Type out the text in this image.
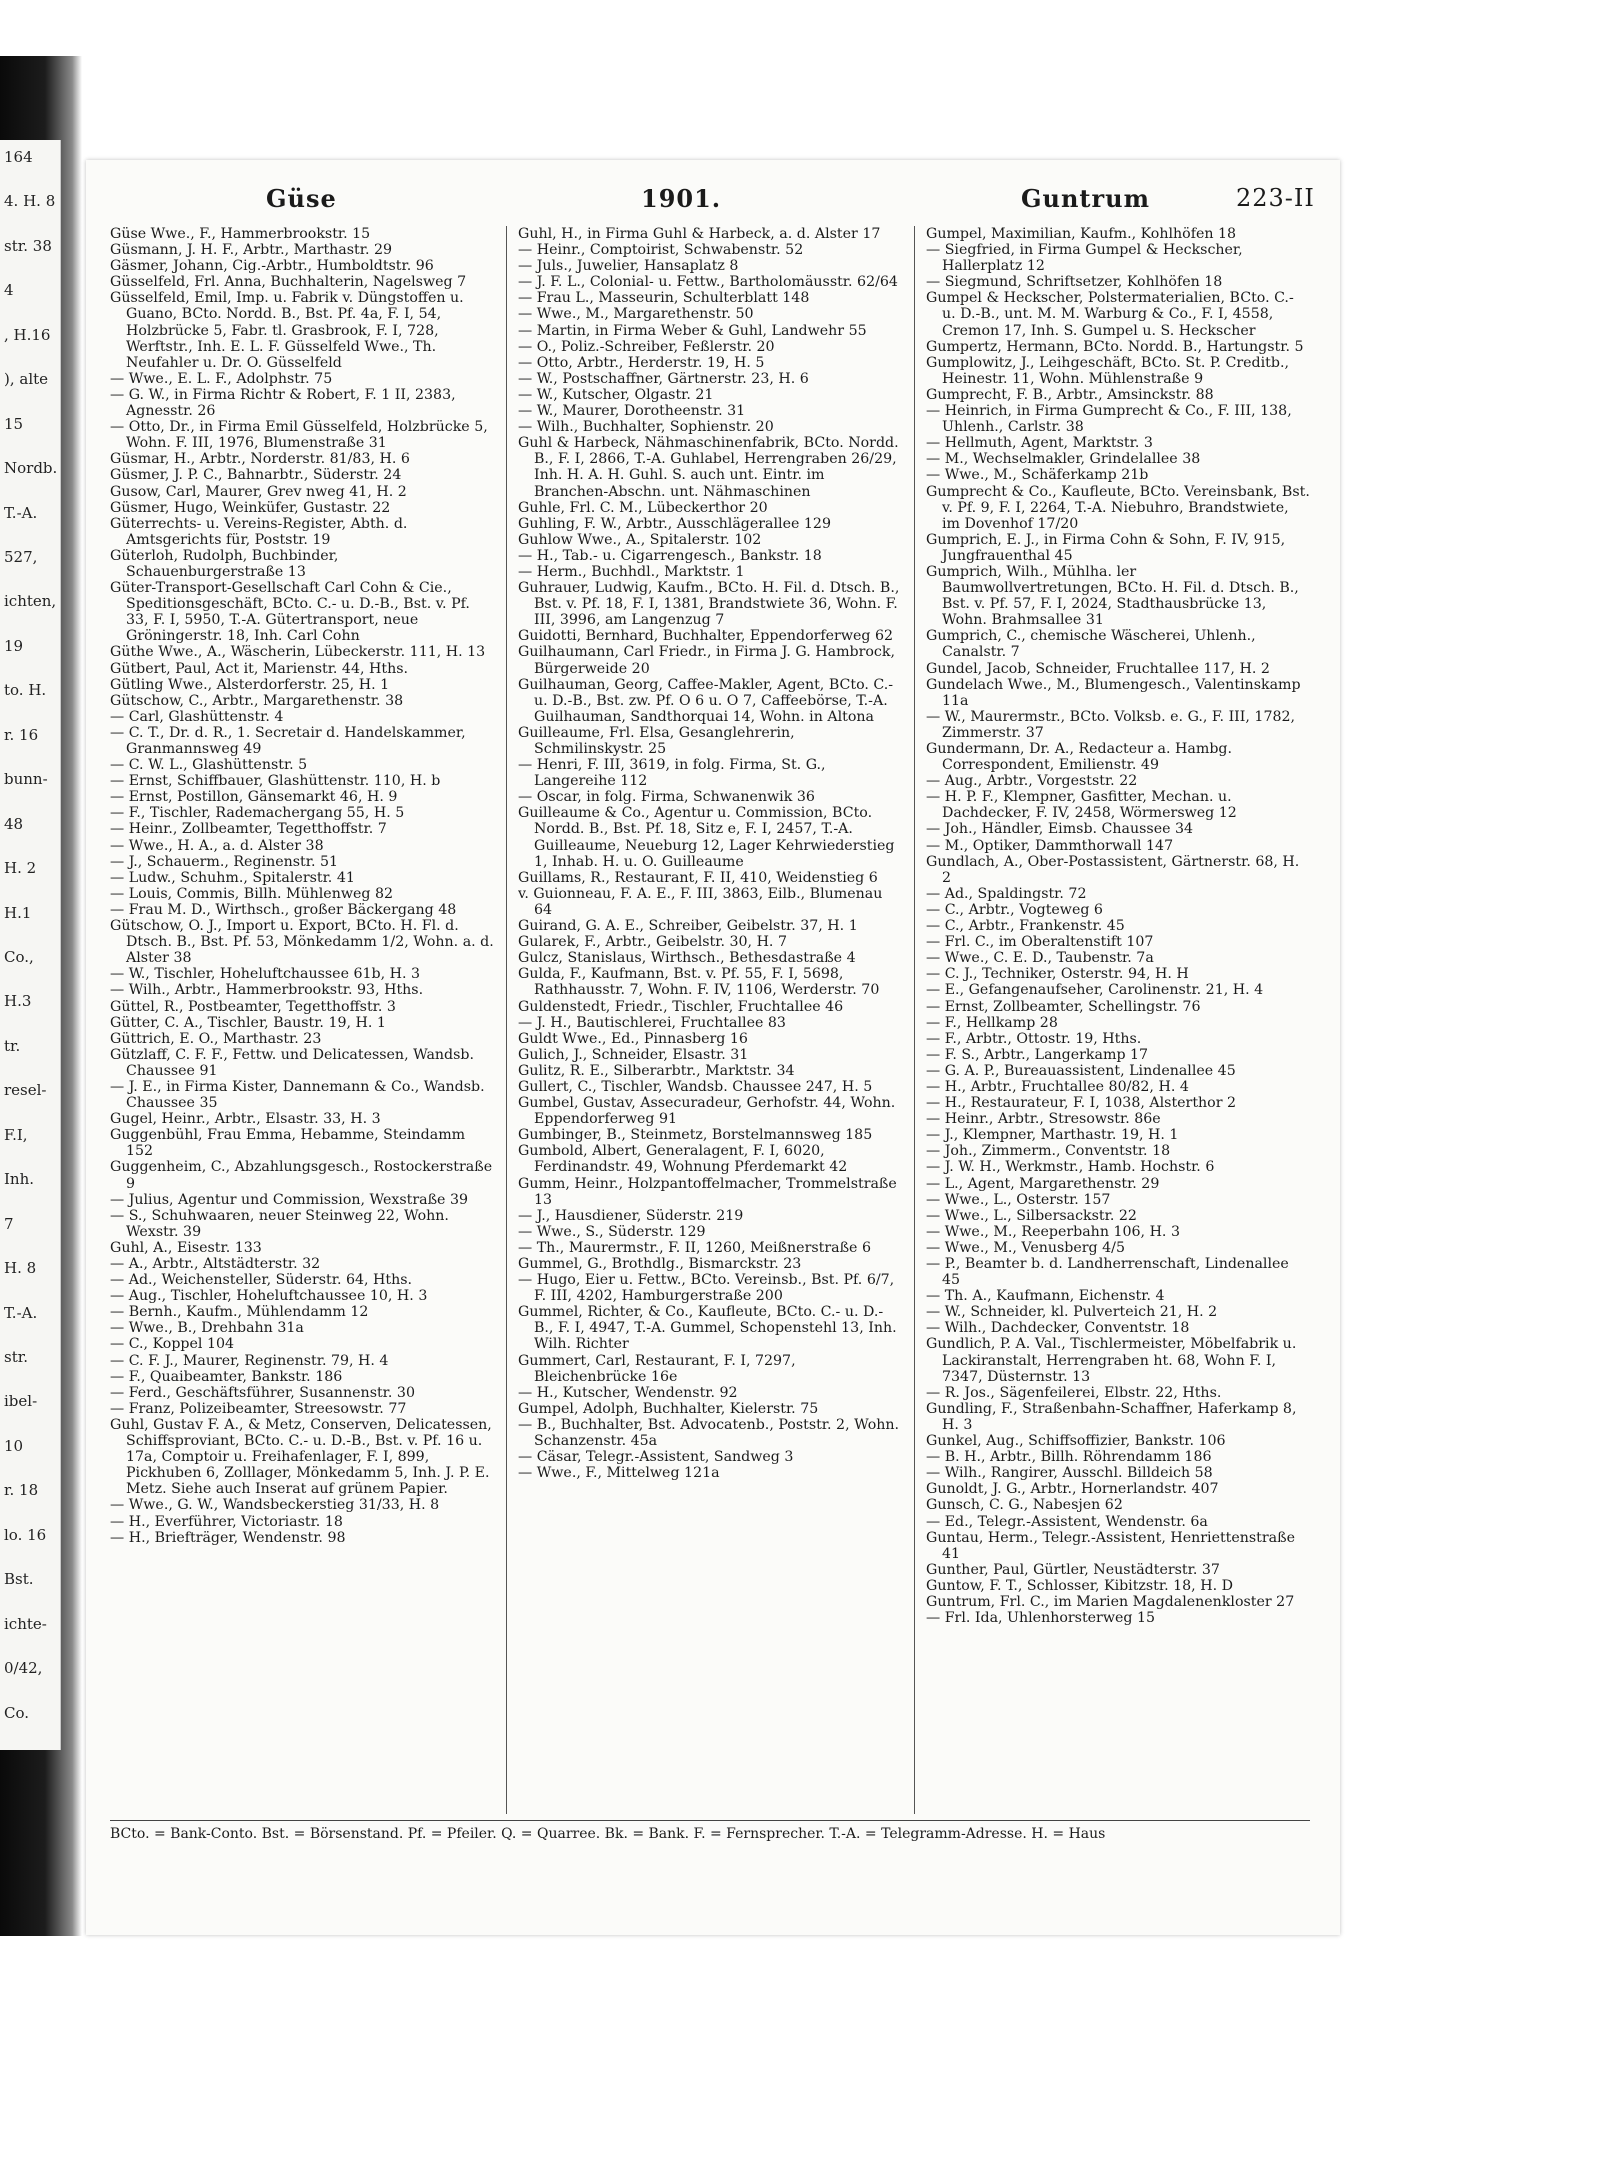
164
4. H. 8
str. 38
4
, H.16
), alte
15
Nordb.
T.-A.
527,
ichten,
19
to. H.
r. 16
bunn-
48
H. 2
H.1
Co.,
H.3
tr.
resel-
F.I,
Inh.
7
H. 8
T.-A.
str.
ibel-
10
r. 18
lo. 16
Bst.
ichte-
0/42,
Co.
Güse	1901.	Guntrum	223-II

Güse Wwe., F., Hammerbrookstr. 15

Güsmann, J. H. F., Arbtr., Marthastr. 29

Gäsmer, Johann, Cig.-Arbtr., Humboldtstr. 96

Güsselfeld, Frl. Anna, Buchhalterin, Nagelsweg 7

Güsselfeld, Emil, Imp. u. Fabrik v. Düngstoffen u. Guano, BCto. Nordd. B., Bst. Pf. 4a, F. I, 54, Holzbrücke 5, Fabr. tl. Grasbrook, F. I, 728, Werftstr., Inh. E. L. F. Güsselfeld Wwe., Th. Neufahler u. Dr. O. Güsselfeld

— Wwe., E. L. F., Adolphstr. 75

— G. W., in Firma Richtr & Robert, F. 1 II, 2383, Agnesstr. 26

— Otto, Dr., in Firma Emil Güsselfeld, Holzbrücke 5, Wohn. F. III, 1976, Blumenstraße 31

Güsmar, H., Arbtr., Norderstr. 81/83, H. 6

Güsmer, J. P. C., Bahnarbtr., Süderstr. 24

Gusow, Carl, Maurer, Grev nweg 41, H. 2

Güsmer, Hugo, Weinküfer, Gustastr. 22

Güterrechts- u. Vereins-Register, Abth. d. Amtsgerichts für, Poststr. 19

Güterloh, Rudolph, Buchbinder, Schauenburgerstraße 13

Güter-Transport-Gesellschaft Carl Cohn & Cie., Speditionsgeschäft, BCto. C.- u. D.-B., Bst. v. Pf. 33, F. I, 5950, T.-A. Gütertransport, neue Gröningerstr. 18, Inh. Carl Cohn

Güthe Wwe., A., Wäscherin, Lübeckerstr. 111, H. 13

Gütbert, Paul, Act it, Marienstr. 44, Hths.

Gütling Wwe., Alsterdorferstr. 25, H. 1

Gütschow, C., Arbtr., Margarethenstr. 38

— Carl, Glashüttenstr. 4

— C. T., Dr. d. R., 1. Secretair d. Handelskammer, Granmannsweg 49

— C. W. L., Glashüttenstr. 5

— Ernst, Schiffbauer, Glashüttenstr. 110, H. b

— Ernst, Postillon, Gänsemarkt 46, H. 9

— F., Tischler, Rademachergang 55, H. 5

— Heinr., Zollbeamter, Tegetthoffstr. 7

— Wwe., H. A., a. d. Alster 38

— J., Schauerm., Reginenstr. 51

— Ludw., Schuhm., Spitalerstr. 41

— Louis, Commis, Billh. Mühlenweg 82

— Frau M. D., Wirthsch., großer Bäckergang 48

Gütschow, O. J., Import u. Export, BCto. H. Fl. d. Dtsch. B., Bst. Pf. 53, Mönkedamm 1/2, Wohn. a. d. Alster 38

— W., Tischler, Hoheluftchaussee 61b, H. 3

— Wilh., Arbtr., Hammerbrookstr. 93, Hths.

Güttel, R., Postbeamter, Tegetthoffstr. 3

Gütter, C. A., Tischler, Baustr. 19, H. 1

Güttrich, E. O., Marthastr. 23

Gützlaff, C. F. F., Fettw. und Delicatessen, Wandsb. Chaussee 91

— J. E., in Firma Kister, Dannemann & Co., Wandsb. Chaussee 35

Gugel, Heinr., Arbtr., Elsastr. 33, H. 3

Guggenbühl, Frau Emma, Hebamme, Steindamm 152

Guggenheim, C., Abzahlungsgesch., Rostockerstraße 9

— Julius, Agentur und Commission, Wexstraße 39

— S., Schuhwaaren, neuer Steinweg 22, Wohn. Wexstr. 39

Guhl, A., Eisestr. 133

— A., Arbtr., Altstädterstr. 32

— Ad., Weichensteller, Süderstr. 64, Hths.

— Aug., Tischler, Hoheluftchaussee 10, H. 3

— Bernh., Kaufm., Mühlendamm 12

— Wwe., B., Drehbahn 31a

— C., Koppel 104

— C. F. J., Maurer, Reginenstr. 79, H. 4

— F., Quaibeamter, Bankstr. 186

— Ferd., Geschäftsführer, Susannenstr. 30

— Franz, Polizeibeamter, Streesowstr. 77

Guhl, Gustav F. A., & Metz, Conserven, Delicatessen, Schiffsproviant, BCto. C.- u. D.-B., Bst. v. Pf. 16 u. 17a, Comptoir u. Freihafenlager, F. I, 899, Pickhuben 6, Zolllager, Mönkedamm 5, Inh. J. P. E. Metz. Siehe auch Inserat auf grünem Papier.

— Wwe., G. W., Wandsbeckerstieg 31/33, H. 8

— H., Everführer, Victoriastr. 18

— H., Briefträger, Wendenstr. 98

Guhl, H., in Firma Guhl & Harbeck, a. d. Alster 17

— Heinr., Comptoirist, Schwabenstr. 52

— Juls., Juwelier, Hansaplatz 8

— J. F. L., Colonial- u. Fettw., Bartholomäusstr. 62/64

— Frau L., Masseurin, Schulterblatt 148

— Wwe., M., Margarethenstr. 50

— Martin, in Firma Weber & Guhl, Landwehr 55

— O., Poliz.-Schreiber, Feßlerstr. 20

— Otto, Arbtr., Herderstr. 19, H. 5

— W., Postschaffner, Gärtnerstr. 23, H. 6

— W., Kutscher, Olgastr. 21

— W., Maurer, Dorotheenstr. 31

— Wilh., Buchhalter, Sophienstr. 20

Guhl & Harbeck, Nähmaschinenfabrik, BCto. Nordd. B., F. I, 2866, T.-A. Guhlabel, Herrengraben 26/29, Inh. H. A. H. Guhl. S. auch unt. Eintr. im Branchen-Abschn. unt. Nähmaschinen

Guhle, Frl. C. M., Lübeckerthor 20

Guhling, F. W., Arbtr., Ausschlägerallee 129

Guhlow Wwe., A., Spitalerstr. 102

— H., Tab.- u. Cigarrengesch., Bankstr. 18

— Herm., Buchhdl., Marktstr. 1

Guhrauer, Ludwig, Kaufm., BCto. H. Fil. d. Dtsch. B., Bst. v. Pf. 18, F. I, 1381, Brandstwiete 36, Wohn. F. III, 3996, am Langenzug 7

Guidotti, Bernhard, Buchhalter, Eppendorferweg 62

Guilhaumann, Carl Friedr., in Firma J. G. Hambrock, Bürgerweide 20

Guilhauman, Georg, Caffee-Makler, Agent, BCto. C.- u. D.-B., Bst. zw. Pf. O 6 u. O 7, Caffeebörse, T.-A. Guilhauman, Sandthorquai 14, Wohn. in Altona

Guilleaume, Frl. Elsa, Gesanglehrerin, Schmilinskystr. 25

— Henri, F. III, 3619, in folg. Firma, St. G., Langereihe 112

— Oscar, in folg. Firma, Schwanenwik 36

Guilleaume & Co., Agentur u. Commission, BCto. Nordd. B., Bst. Pf. 18, Sitz e, F. I, 2457, T.-A. Guilleaume, Neueburg 12, Lager Kehrwiederstieg 1, Inhab. H. u. O. Guilleaume

Guillams, R., Restaurant, F. II, 410, Weidenstieg 6

v. Guionneau, F. A. E., F. III, 3863, Eilb., Blumenau 64

Guirand, G. A. E., Schreiber, Geibelstr. 37, H. 1

Gularek, F., Arbtr., Geibelstr. 30, H. 7

Gulcz, Stanislaus, Wirthsch., Bethesdastraße 4

Gulda, F., Kaufmann, Bst. v. Pf. 55, F. I, 5698, Rathhausstr. 7, Wohn. F. IV, 1106, Werderstr. 70

Guldenstedt, Friedr., Tischler, Fruchtallee 46

— J. H., Bautischlerei, Fruchtallee 83

Guldt Wwe., Ed., Pinnasberg 16

Gulich, J., Schneider, Elsastr. 31

Gulitz, R. E., Silberarbtr., Marktstr. 34

Gullert, C., Tischler, Wandsb. Chaussee 247, H. 5

Gumbel, Gustav, Assecuradeur, Gerhofstr. 44, Wohn. Eppendorferweg 91

Gumbinger, B., Steinmetz, Borstelmannsweg 185

Gumbold, Albert, Generalagent, F. I, 6020, Ferdinandstr. 49, Wohnung Pferdemarkt 42

Gumm, Heinr., Holzpantoffelmacher, Trommelstraße 13

— J., Hausdiener, Süderstr. 219

— Wwe., S., Süderstr. 129

— Th., Maurermstr., F. II, 1260, Meißnerstraße 6

Gummel, G., Brothdlg., Bismarckstr. 23

— Hugo, Eier u. Fettw., BCto. Vereinsb., Bst. Pf. 6/7, F. III, 4202, Hamburgerstraße 200

Gummel, Richter, & Co., Kaufleute, BCto. C.- u. D.-B., F. I, 4947, T.-A. Gummel, Schopenstehl 13, Inh. Wilh. Richter

Gummert, Carl, Restaurant, F. I, 7297, Bleichenbrücke 16e

— H., Kutscher, Wendenstr. 92

Gumpel, Adolph, Buchhalter, Kielerstr. 75

— B., Buchhalter, Bst. Advocatenb., Poststr. 2, Wohn. Schanzenstr. 45a

— Cäsar, Telegr.-Assistent, Sandweg 3

— Wwe., F., Mittelweg 121a

Gumpel, Maximilian, Kaufm., Kohlhöfen 18

— Siegfried, in Firma Gumpel & Heckscher, Hallerplatz 12

— Siegmund, Schriftsetzer, Kohlhöfen 18

Gumpel & Heckscher, Polstermaterialien, BCto. C.- u. D.-B., unt. M. M. Warburg & Co., F. I, 4558, Cremon 17, Inh. S. Gumpel u. S. Heckscher

Gumpertz, Hermann, BCto. Nordd. B., Hartungstr. 5

Gumplowitz, J., Leihgeschäft, BCto. St. P. Creditb., Heinestr. 11, Wohn. Mühlenstraße 9

Gumprecht, F. B., Arbtr., Amsinckstr. 88

— Heinrich, in Firma Gumprecht & Co., F. III, 138, Uhlenh., Carlstr. 38

— Hellmuth, Agent, Marktstr. 3

— M., Wechselmakler, Grindelallee 38

— Wwe., M., Schäferkamp 21b

Gumprecht & Co., Kaufleute, BCto. Vereinsbank, Bst. v. Pf. 9, F. I, 2264, T.-A. Niebuhro, Brandstwiete, im Dovenhof 17/20

Gumprich, E. J., in Firma Cohn & Sohn, F. IV, 915, Jungfrauenthal 45

Gumprich, Wilh., Mühlha. ler Baumwollvertretungen, BCto. H. Fil. d. Dtsch. B., Bst. v. Pf. 57, F. I, 2024, Stadthausbrücke 13, Wohn. Brahmsallee 31

Gumprich, C., chemische Wäscherei, Uhlenh., Canalstr. 7

Gundel, Jacob, Schneider, Fruchtallee 117, H. 2

Gundelach Wwe., M., Blumengesch., Valentinskamp 11a

— W., Maurermstr., BCto. Volksb. e. G., F. III, 1782, Zimmerstr. 37

Gundermann, Dr. A., Redacteur a. Hambg. Correspondent, Emilienstr. 49

— Aug., Arbtr., Vorgeststr. 22

— H. P. F., Klempner, Gasfitter, Mechan. u. Dachdecker, F. IV, 2458, Wörmersweg 12

— Joh., Händler, Eimsb. Chaussee 34

— M., Optiker, Dammthorwall 147

Gundlach, A., Ober-Postassistent, Gärtnerstr. 68, H. 2

— Ad., Spaldingstr. 72

— C., Arbtr., Vogteweg 6

— C., Arbtr., Frankenstr. 45

— Frl. C., im Oberaltenstift 107

— Wwe., C. E. D., Taubenstr. 7a

— C. J., Techniker, Osterstr. 94, H. H

— E., Gefangenaufseher, Carolinenstr. 21, H. 4

— Ernst, Zollbeamter, Schellingstr. 76

— F., Hellkamp 28

— F., Arbtr., Ottostr. 19, Hths.

— F. S., Arbtr., Langerkamp 17

— G. A. P., Bureauassistent, Lindenallee 45

— H., Arbtr., Fruchtallee 80/82, H. 4

— H., Restaurateur, F. I, 1038, Alsterthor 2

— Heinr., Arbtr., Stresowstr. 86e

— J., Klempner, Marthastr. 19, H. 1

— Joh., Zimmerm., Conventstr. 18

— J. W. H., Werkmstr., Hamb. Hochstr. 6

— L., Agent, Margarethenstr. 29

— Wwe., L., Osterstr. 157

— Wwe., L., Silbersackstr. 22

— Wwe., M., Reeperbahn 106, H. 3

— Wwe., M., Venusberg 4/5

— P., Beamter b. d. Landherrenschaft, Lindenallee 45

— Th. A., Kaufmann, Eichenstr. 4

— W., Schneider, kl. Pulverteich 21, H. 2

— Wilh., Dachdecker, Conventstr. 18

Gundlich, P. A. Val., Tischlermeister, Möbelfabrik u. Lackiranstalt, Herrengraben ht. 68, Wohn F. I, 7347, Düsternstr. 13

— R. Jos., Sägenfeilerei, Elbstr. 22, Hths.

Gundling, F., Straßenbahn-Schaffner, Haferkamp 8, H. 3

Gunkel, Aug., Schiffsoffizier, Bankstr. 106

— B. H., Arbtr., Billh. Röhrendamm 186

— Wilh., Rangirer, Ausschl. Billdeich 58

Gunoldt, J. G., Arbtr., Hornerlandstr. 407

Gunsch, C. G., Nabesjen 62

— Ed., Telegr.-Assistent, Wendenstr. 6a

Guntau, Herm., Telegr.-Assistent, Henriettenstraße 41

Gunther, Paul, Gürtler, Neustädterstr. 37

Guntow, F. T., Schlosser, Kibitzstr. 18, H. D

Guntrum, Frl. C., im Marien Magdalenenkloster 27

— Frl. Ida, Uhlenhorsterweg 15

BCto. = Bank-Conto. Bst. = Börsenstand. Pf. = Pfeiler. Q. = Quarree. Bk. = Bank. F. = Fernsprecher. T.-A. = Telegramm-Adresse. H. = Haus
